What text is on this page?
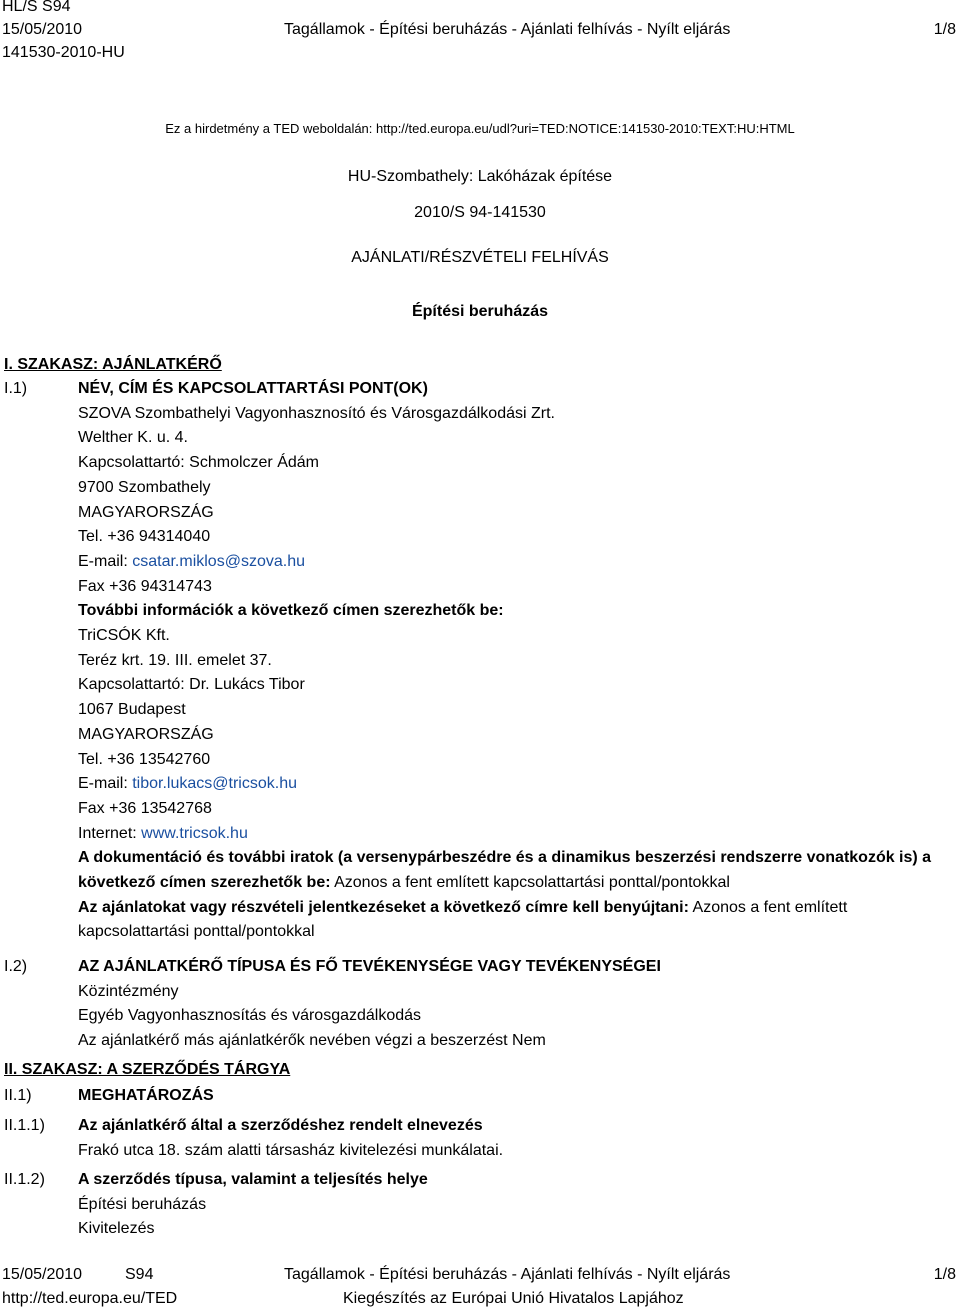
HL/S S94
15/05/2010
141530-2010-HU
Tagállamok - Építési beruházás - Ajánlati felhívás - Nyílt eljárás	1/8
Ez a hirdetmény a TED weboldalán: http://ted.europa.eu/udl?uri=TED:NOTICE:141530-2010:TEXT:HU:HTML
HU-Szombathely: Lakóházak építése
2010/S 94-141530
AJÁNLATI/RÉSZVÉTELI FELHÍVÁS
Építési beruházás
I. SZAKASZ: AJÁNLATKÉRŐ
I.1)	NÉV, CÍM ÉS KAPCSOLATTARTÁSI PONT(OK)
SZOVA Szombathelyi Vagyonhasznosító és Városgazdálkodási Zrt.
Welther K. u. 4.
Kapcsolattartó: Schmolczer Ádám
9700 Szombathely
MAGYARORSZÁG
Tel. +36 94314040
E-mail: csatar.miklos@szova.hu
Fax +36 94314743
További információk a következő címen szerezhetők be:
TriCSÓK Kft.
Teréz krt. 19. III. emelet 37.
Kapcsolattartó: Dr. Lukács Tibor
1067 Budapest
MAGYARORSZÁG
Tel. +36 13542760
E-mail: tibor.lukacs@tricsok.hu
Fax +36 13542768
Internet: www.tricsok.hu
A dokumentáció és további iratok (a versenypárbeszédre és a dinamikus beszerzési rendszerre vonatkozók is) a következő címen szerezhetők be: Azonos a fent említett kapcsolattartási ponttal/pontokkal
Az ajánlatokat vagy részvételi jelentkezéseket a következő címre kell benyújtani: Azonos a fent említett kapcsolattartási ponttal/pontokkal
I.2)	AZ AJÁNLATKÉRŐ TÍPUSA ÉS FŐ TEVÉKENYSÉGE VAGY TEVÉKENYSÉGEI
Közintézmény
Egyéb Vagyonhasznosítás és városgazdálkodás
Az ajánlatkérő más ajánlatkérők nevében végzi a beszerzést Nem
II. SZAKASZ: A SZERZŐDÉS TÁRGYA
II.1)	MEGHATÁROZÁS
II.1.1) Az ajánlatkérő által a szerződéshez rendelt elnevezés
Frakó utca 18. szám alatti társasház kivitelezési munkálatai.
II.1.2) A szerződés típusa, valamint a teljesítés helye
Építési beruházás
Kivitelezés
15/05/2010	S94
http://ted.europa.eu/TED
Tagállamok - Építési beruházás - Ajánlati felhívás - Nyílt eljárás
Kiegészítés az Európai Unió Hivatalos Lapjához
1/8
